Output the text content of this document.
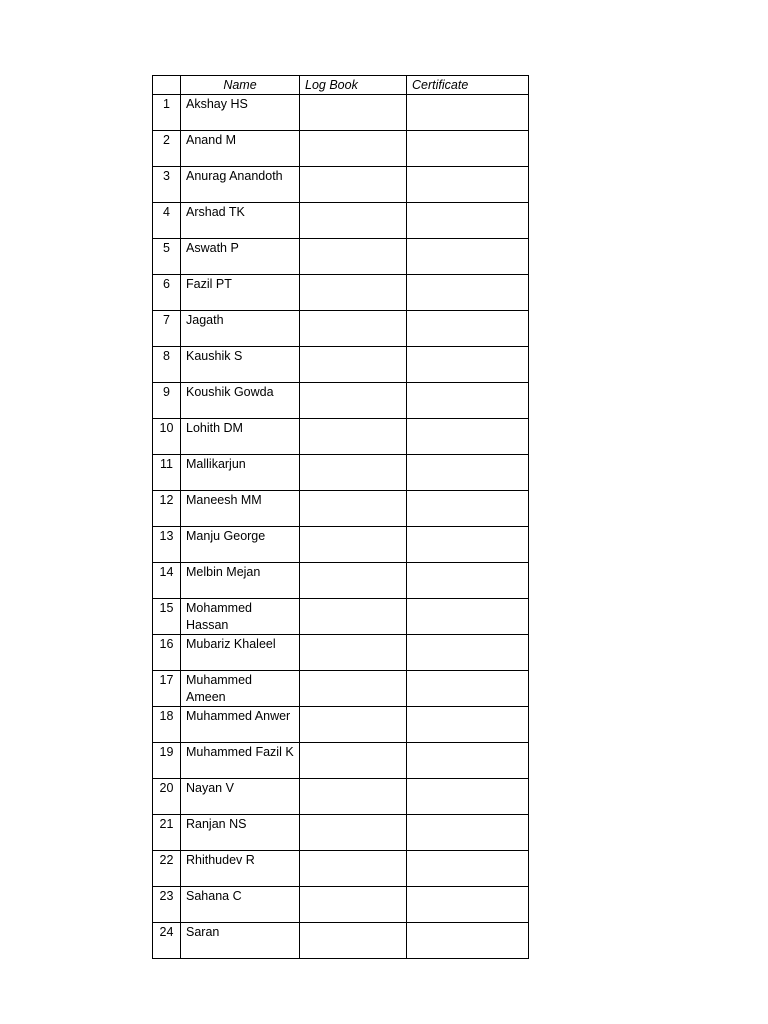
	Name	Log Book	Certificate
1	Akshay HS		
2	Anand M		
3	Anurag Anandoth		
4	Arshad TK		
5	Aswath P		
6	Fazil PT		
7	Jagath		
8	Kaushik S		
9	Koushik Gowda		
10	Lohith DM		
11	Mallikarjun		
12	Maneesh MM		
13	Manju George		
14	Melbin Mejan		
15	Mohammed Hassan		
16	Mubariz Khaleel		
17	Muhammed Ameen		
18	Muhammed Anwer		
19	Muhammed Fazil K		
20	Nayan V		
21	Ranjan NS		
22	Rhithudev R		
23	Sahana C		
24	Saran		
